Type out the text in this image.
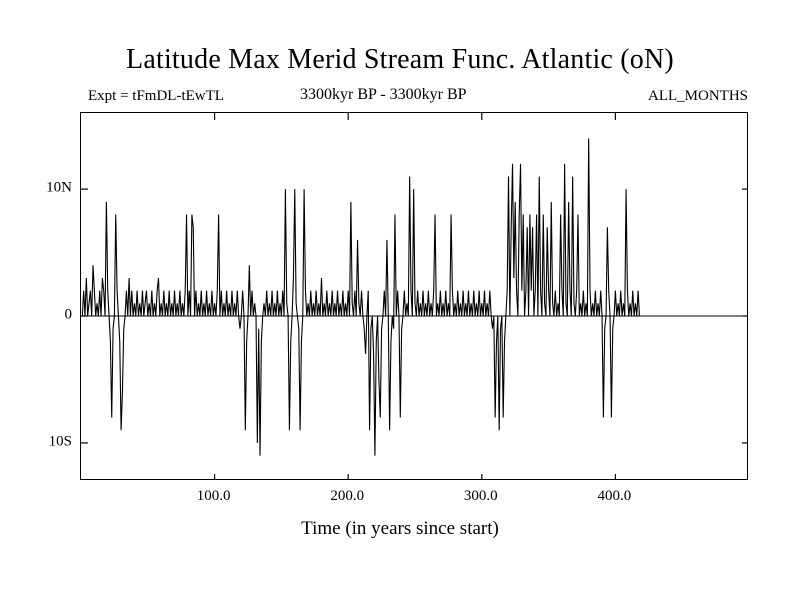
Latitude Max Merid Stream Func. Atlantic (oN)
Expt = tFmDL-tEwTL	3300kyr BP - 3300kyr BP	ALL_MONTHS
100.0	200.0	300.0	400.0
10S
0
10N
Time (in years since start)
